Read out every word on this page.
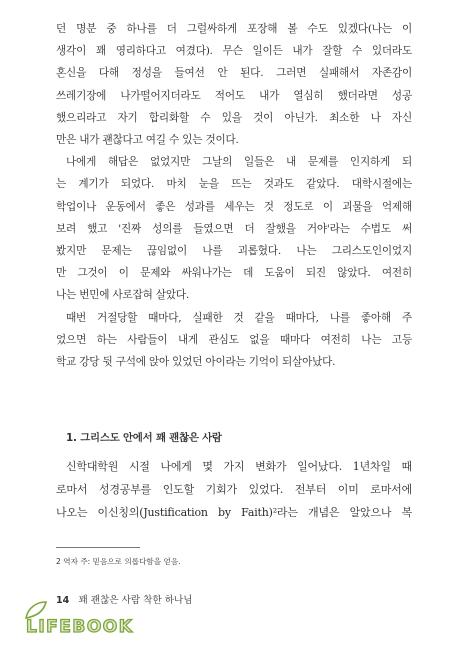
던 명분 중 하나를 더 그럴싸하게 포장해 볼 수도 있겠다(나는 이
생각이 꽤 영리하다고 여겼다). 무슨 일이든 내가 잘할 수 있더라도
혼신을 다해 정성을 들여선 안 된다. 그러면 실패해서 자존감이
쓰레기장에 나가떨어지더라도 적어도 내가 열심히 했더라면 성공
했으리라고 자기 합리화할 수 있을 것이 아닌가. 최소한 나 자신
만은 내가 괜찮다고 여길 수 있는 것이다.
나에게 해답은 없었지만 그날의 일들은 내 문제를 인지하게 되
는 계기가 되었다. 마치 눈을 뜨는 것과도 같았다. 대학시절에는
학업이나 운동에서 좋은 성과를 세우는 것 정도로 이 괴물을 억제해
보려 했고 '진짜 성의를 들였으면 더 잘했을 거야'라는 수법도 써
봤지만 문제는 끊임없이 나를 괴롭혔다. 나는 그리스도인이었지
만 그것이 이 문제와 싸워나가는 데 도움이 되진 않았다. 여전히
나는 번민에 사로잡혀 살았다.
때번 거절당할 때마다, 실패한 것 같을 때마다, 나를 좋아해 주
었으면 하는 사람들이 내게 관심도 없을 때마다 여전히 나는 고등
학교 강당 뒷 구석에 앉아 있었던 아이라는 기억이 되살아났다.
1. 그리스도 안에서 꽤 괜찮은 사람
신학대학원 시절 나에게 몇 가지 변화가 일어났다. 1년차일 때
로마서 성경공부를 인도할 기회가 있었다. 전부터 이미 로마서에
나오는 이신칭의(Justification by Faith)²라는 개념은 알았으나 복
2 역자 주: 믿음으로 의롭다함을 얻음.
14 꽤 괜찮은 사람 착한 하나님
LIFEBOOK
